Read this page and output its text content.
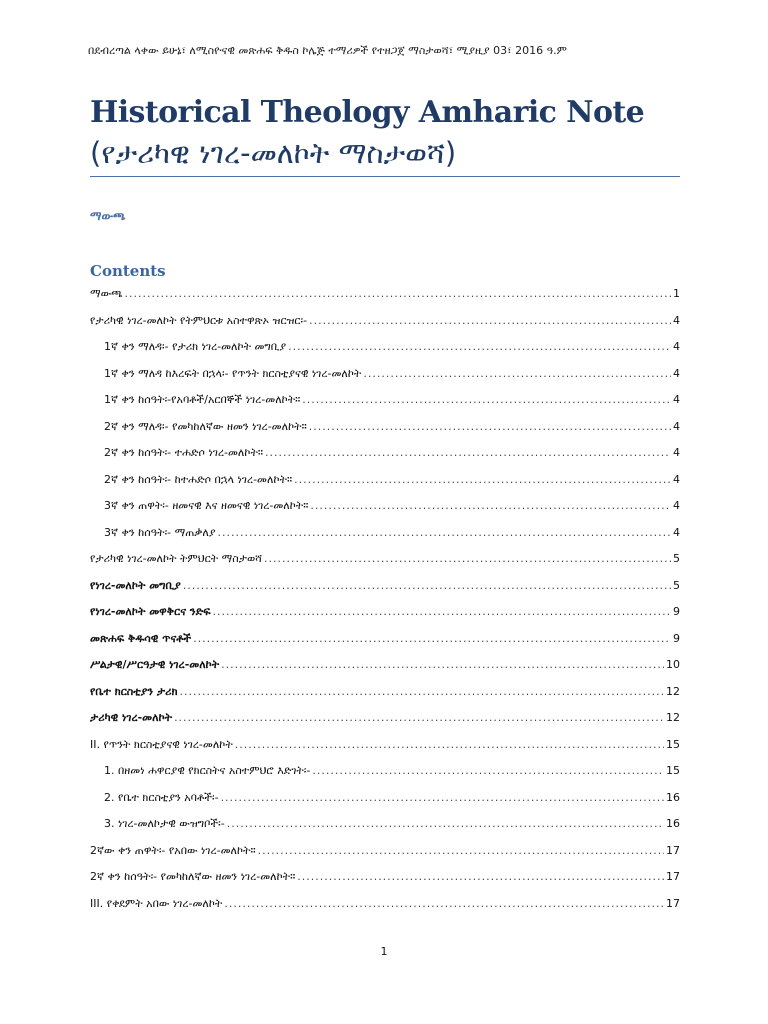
በደብረጣል ላቀው ይሁኔ፣ ለሚስዮናዊ መጽሐፍ ቅዱስ ኮሌጅ ተማሪዎች የተዘጋጀ ማስታወሻ፣ ሚያዚያ 03፣ 2016 ዓ.ም
Historical Theology Amharic Note
(የታሪካዊ ነገረ-መለኮት ማስታወሻ)
ማውጫ
Contents
ማውጫ .....	1
የታሪካዊ ነገረ-መለኮት የትምህርቱ አስተዋጽኦ ዝርዝር፡- .....	4
1ኛ ቀን ማለዳ፡- የታሪክ ነገረ-መለኮት መግቢያ .....	4
1ኛ ቀን ማለዳ ከእረፍት በኋላ፡- የጥንት ክርስቲያናዊ ነገረ-መለኮት .....	4
1ኛ ቀን ከሰዓት፡-የአባቶች/አርበኞች ነገረ-መለኮት። .....	4
2ኛ ቀን ማለዳ፡- የመካከለኛው ዘመን ነገረ-መለኮት። .....	4
2ኛ ቀን ከሰዓት፡- ተሐድሶ ነገረ-መለኮት። .....	4
2ኛ ቀን ከሰዓት፡- ከተሐድሶ በኋላ ነገረ-መለኮት። .....	4
3ኛ ቀን ጠዋት፡- ዘመናዊ እና ዘመናዊ ነገረ-መለኮት። .....	4
3ኛ ቀን ከሰዓት፡- ማጠቃለያ .....	4
የታሪካዊ ነገረ-መለኮት ትምህርት ማስታወሻ .....	5
የነገረ-መለኮት መግቢያ .....	5
የነገረ-መለኮት መዋቅርና ንድፍ .....	9
መጽሐፍ ቅዱሳዊ ጥናቶች .....	9
ሥልታዊ/ሥርዓታዊ ነገረ-መለኮት .....	10
የቤተ ክርስቲያን ታሪክ .....	12
ታሪካዊ ነገረ-መለኮት .....	12
II. የጥንት ክርስቲያናዊ ነገረ-መለኮት .....	15
1. በዘመነ ሐዋርያዊ የክርስትና አስተምህሮ እድገት፡- .....	15
2. የቤተ ክርስቲያን አባቶች፡- .....	16
3. ነገረ-መለኮታዊ ውዝግቦች፡- .....	16
2ኛው ቀን ጠዋት፡- የአበው ነገረ-መለኮት። .....	17
2ኛ ቀን ከሰዓት፡- የመካከለኛው ዘመን ነገረ-መለኮት። .....	17
III. የቀደምት አበው ነገረ-መለኮት .....	17
1
